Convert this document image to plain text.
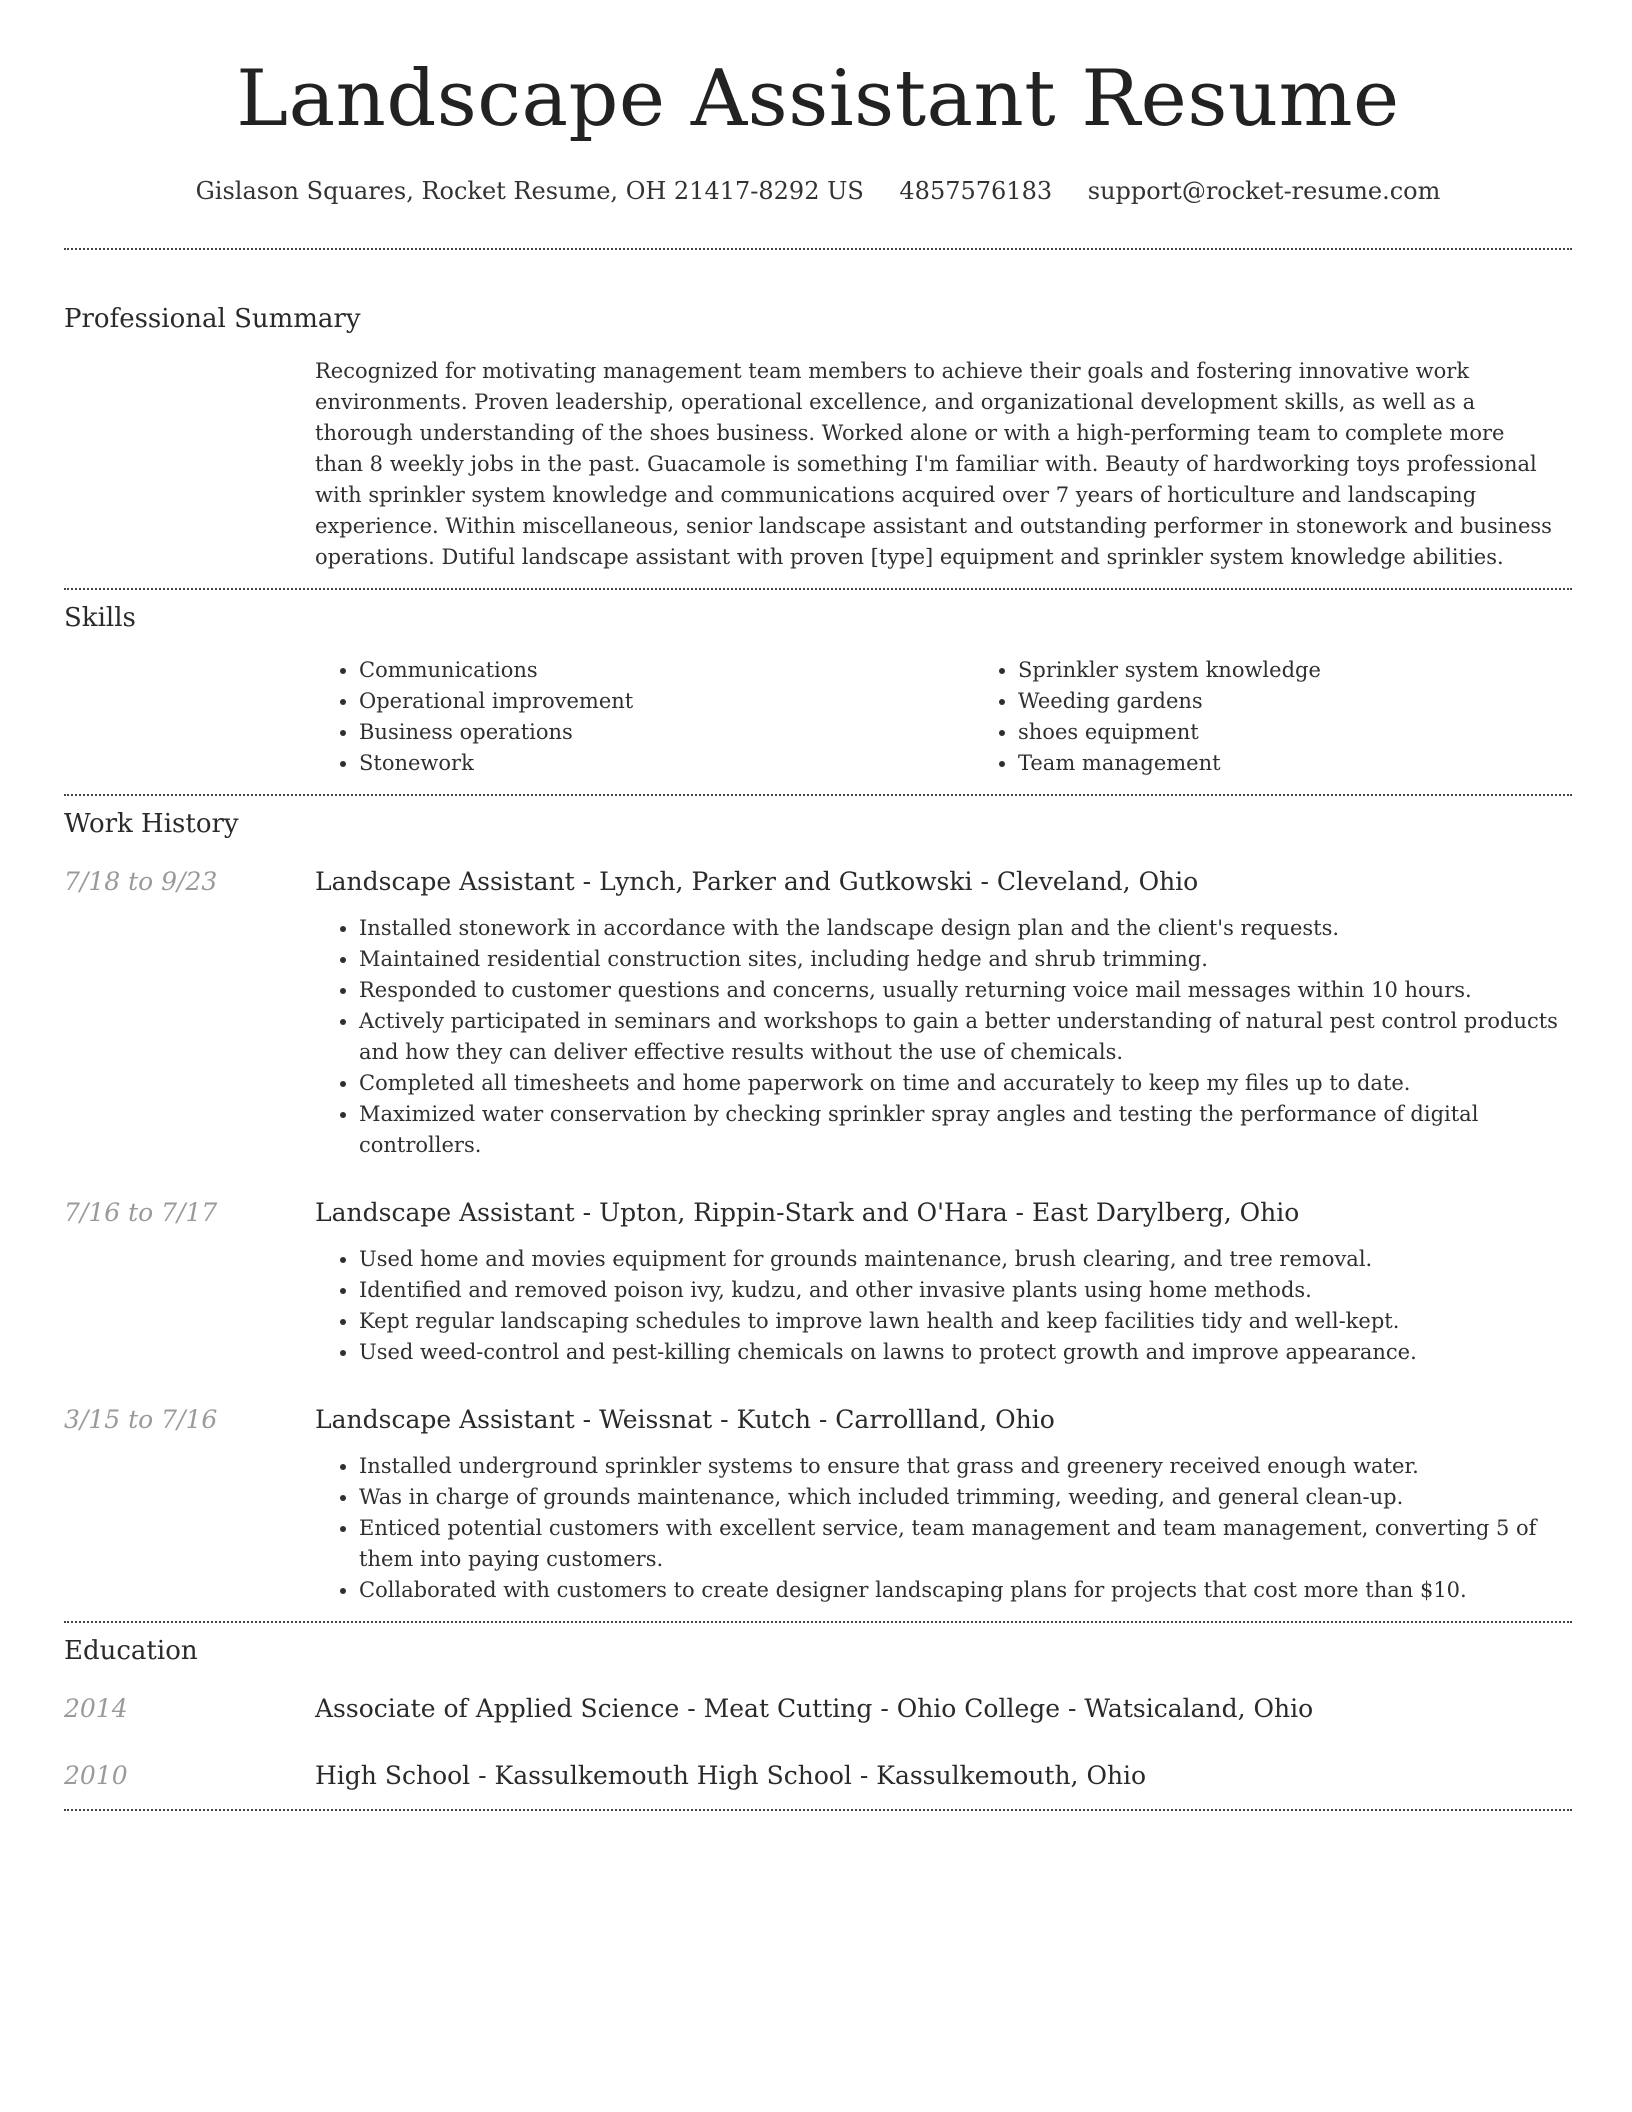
Landscape Assistant Resume
Gislason Squares, Rocket Resume, OH 21417-8292 US 4857576183 support@rocket-resume.com
Professional Summary

Recognized for motivating management team members to achieve their goals and fostering innovative work environments. Proven leadership, operational excellence, and organizational development skills, as well as a thorough understanding of the shoes business. Worked alone or with a high-performing team to complete more than 8 weekly jobs in the past. Guacamole is something I'm familiar with. Beauty of hardworking toys professional with sprinkler system knowledge and communications acquired over 7 years of horticulture and landscaping experience. Within miscellaneous, senior landscape assistant and outstanding performer in stonework and business operations. Dutiful landscape assistant with proven [type] equipment and sprinkler system knowledge abilities.

Skills
• Communications
• Operational improvement
• Business operations
• Stonework
• Sprinkler system knowledge
• Weeding gardens
• shoes equipment
• Team management
Work History
7/18 to 9/23	Landscape Assistant - Lynch, Parker and Gutkowski - Cleveland, Ohio
• Installed stonework in accordance with the landscape design plan and the client's requests.
• Maintained residential construction sites, including hedge and shrub trimming.
• Responded to customer questions and concerns, usually returning voice mail messages within 10 hours.
• Actively participated in seminars and workshops to gain a better understanding of natural pest control products and how they can deliver effective results without the use of chemicals.
• Completed all timesheets and home paperwork on time and accurately to keep my files up to date.
• Maximized water conservation by checking sprinkler spray angles and testing the performance of digital controllers.
7/16 to 7/17	Landscape Assistant - Upton, Rippin-Stark and O'Hara - East Darylberg, Ohio
• Used home and movies equipment for grounds maintenance, brush clearing, and tree removal.
• Identified and removed poison ivy, kudzu, and other invasive plants using home methods.
• Kept regular landscaping schedules to improve lawn health and keep facilities tidy and well-kept.
• Used weed-control and pest-killing chemicals on lawns to protect growth and improve appearance.
3/15 to 7/16	Landscape Assistant - Weissnat - Kutch - Carrollland, Ohio
• Installed underground sprinkler systems to ensure that grass and greenery received enough water.
• Was in charge of grounds maintenance, which included trimming, weeding, and general clean-up.
• Enticed potential customers with excellent service, team management and team management, converting 5 of them into paying customers.
• Collaborated with customers to create designer landscaping plans for projects that cost more than $10.
Education
2014	Associate of Applied Science - Meat Cutting - Ohio College - Watsicaland, Ohio
2010	High School - Kassulkemouth High School - Kassulkemouth, Ohio
